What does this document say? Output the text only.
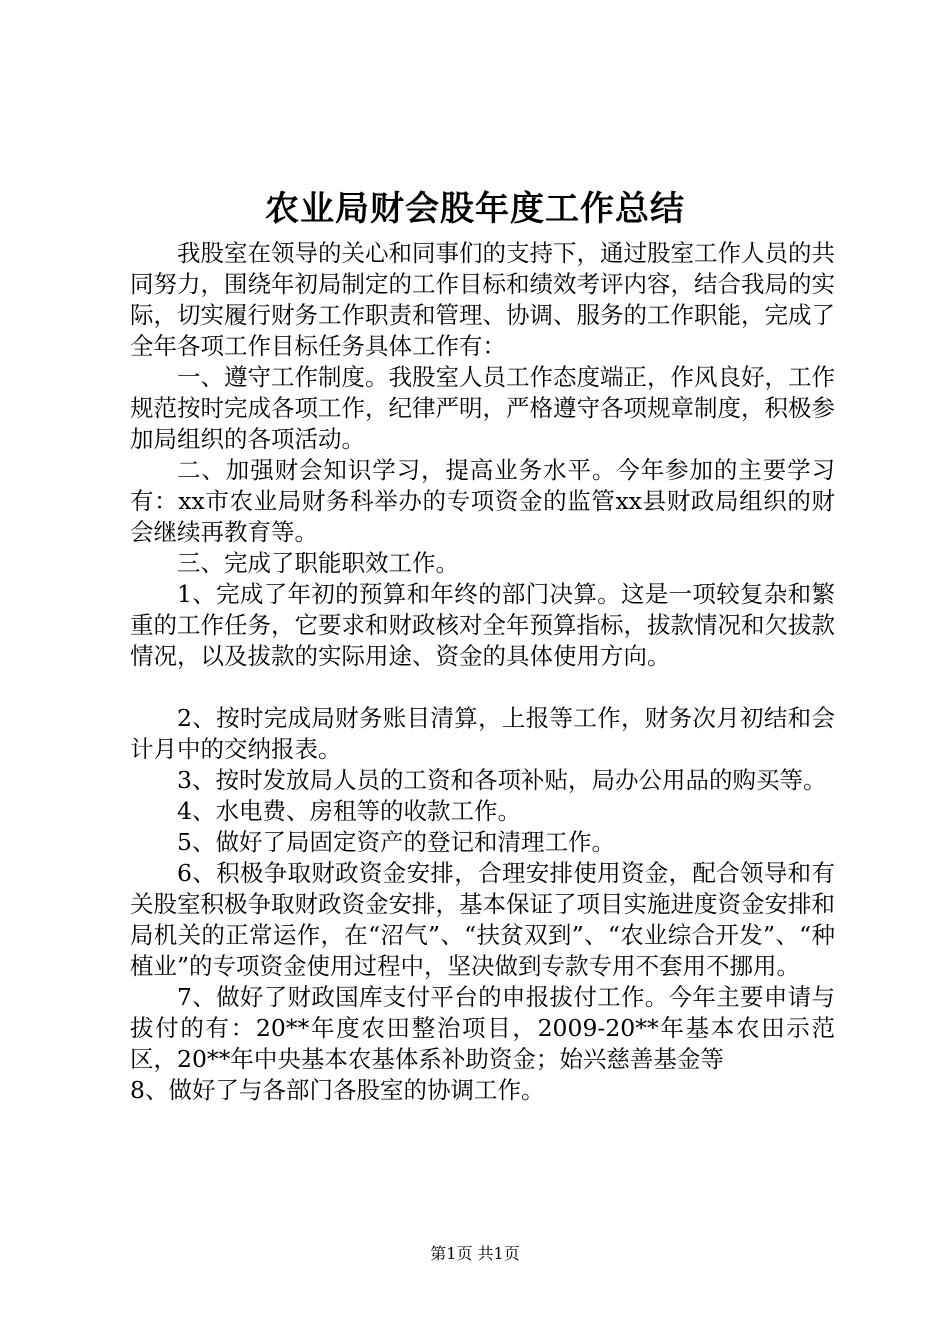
农业局财会股年度工作总结

我股室在领导的关心和同事们的支持下，通过股室工作人员的共同努力，围绕年初局制定的工作目标和绩效考评内容，结合我局的实际，切实履行财务工作职责和管理、协调、服务的工作职能，完成了全年各项工作目标任务具体工作有：

一、遵守工作制度。我股室人员工作态度端正，作风良好，工作规范按时完成各项工作，纪律严明，严格遵守各项规章制度，积极参加局组织的各项活动。

二、加强财会知识学习，提高业务水平。今年参加的主要学习有：xx市农业局财务科举办的专项资金的监管xx县财政局组织的财会继续再教育等。

三、完成了职能职效工作。

1、完成了年初的预算和年终的部门决算。这是一项较复杂和繁重的工作任务，它要求和财政核对全年预算指标，拔款情况和欠拔款情况，以及拔款的实际用途、资金的具体使用方向。

2、按时完成局财务账目清算，上报等工作，财务次月初结和会计月中的交纳报表。

3、按时发放局人员的工资和各项补贴，局办公用品的购买等。

4、水电费、房租等的收款工作。

5、做好了局固定资产的登记和清理工作。

6、积极争取财政资金安排，合理安排使用资金，配合领导和有关股室积极争取财政资金安排，基本保证了项目实施进度资金安排和局机关的正常运作，在“沼气”、“扶贫双到”、“农业综合开发”、“种植业”的专项资金使用过程中，坚决做到专款专用不套用不挪用。

7、做好了财政国库支付平台的申报拔付工作。今年主要申请与拔付的有：20**年度农田整治项目，2009-20**年基本农田示范区，20**年中央基本农基体系补助资金；始兴慈善基金等

8、做好了与各部门各股室的协调工作。

第1页 共1页
